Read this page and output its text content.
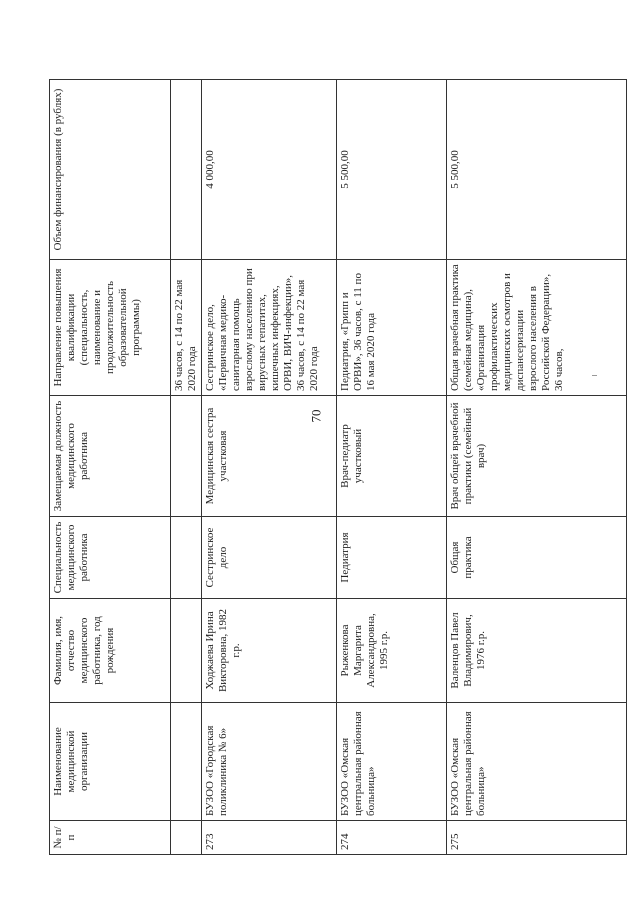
70
№ п/п	Наименование медицинской организации	Фамилия, имя, отчество медицинского работника, год рождения	Специальность медицинского работника	Замещаемая должность медицинского работника	Направление повышения квалификации (специальность, наименование и продолжительность образовательной программы)	Объем финансирования (в рублях)
					36 часов, с 14 по 22 мая 2020 года	
273	БУЗОО «Городская поликлиника № 6»	Ходжаева Ирина Викторовна, 1982 г.р.	Сестринское дело	Медицинская сестра участковая	Сестринское дело, «Первичная медико-санитарная помощь взрослому населению при вирусных гепатитах, кишечных инфекциях, ОРВИ, ВИЧ-инфекции», 36 часов, с 14 по 22 мая 2020 года	4 000,00
274	БУЗОО «Омская центральная районная больница»	Рыженкова Маргарита Александровна, 1995 г.р.	Педиатрия	Врач-педиатр участковый	Педиатрия, «Грипп и ОРВИ», 36 часов, с 11 по 16 мая 2020 года	5 500,00
275	БУЗОО «Омская центральная районная больница»	Валенцов Павел Владимирович, 1976 г.р.	Общая практика	Врач общей врачебной практики (семейный врач)	Общая врачебная практика (семейная медицина), «Организация профилактических медицинских осмотров и диспансеризации взрослого населения в Российской Федерации», 36 часов,	5 500,00
